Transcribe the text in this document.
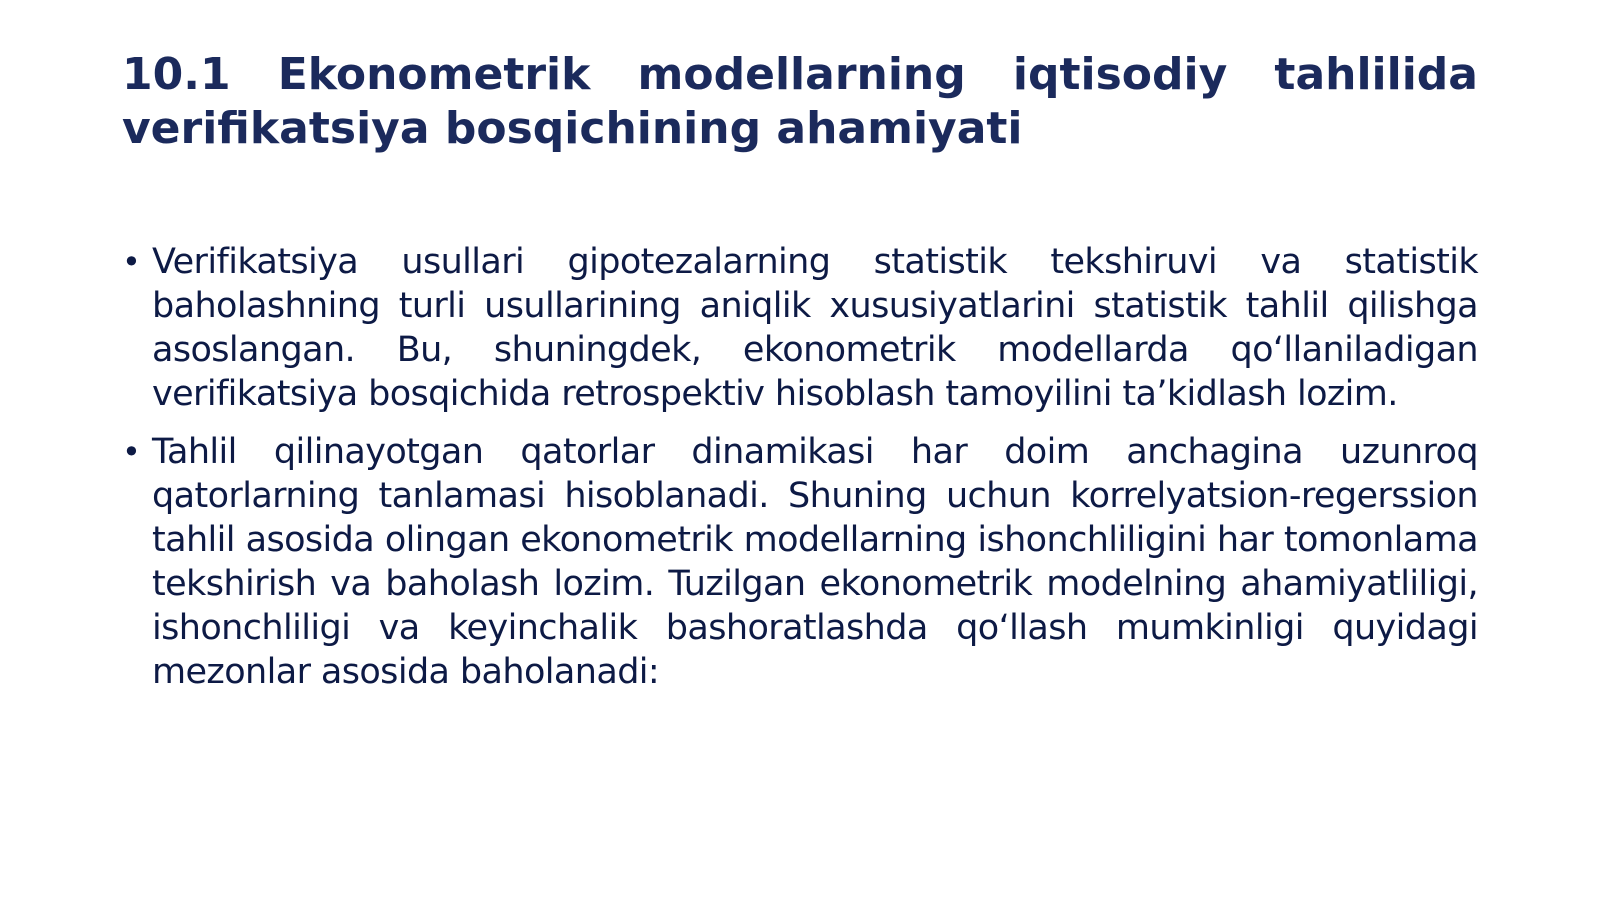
10.1 Ekonometrik modellarning iqtisodiy tahlilida verifikatsiya bosqichining ahamiyati
• Verifikatsiya usullari gipotezalarning statistik tekshiruvi va statistik baholashning turli usullarining aniqlik xususiyatlarini statistik tahlil qilishga asoslangan. Bu, shuningdek, ekonometrik modellarda qo‘llaniladigan verifikatsiya bosqichida retrospektiv hisoblash tamoyilini ta’kidlash lozim.
• Tahlil qilinayotgan qatorlar dinamikasi har doim anchagina uzunroq qatorlarning tanlamasi hisoblanadi. Shuning uchun korrelyatsion-regerssion tahlil asosida olingan ekonometrik modellarning ishonchliligini har tomonlama tekshirish va baholash lozim. Tuzilgan ekonometrik modelning ahamiyatliligi, ishonchliligi va keyinchalik bashoratlashda qo‘llash mumkinligi quyidagi mezonlar asosida baholanadi:
